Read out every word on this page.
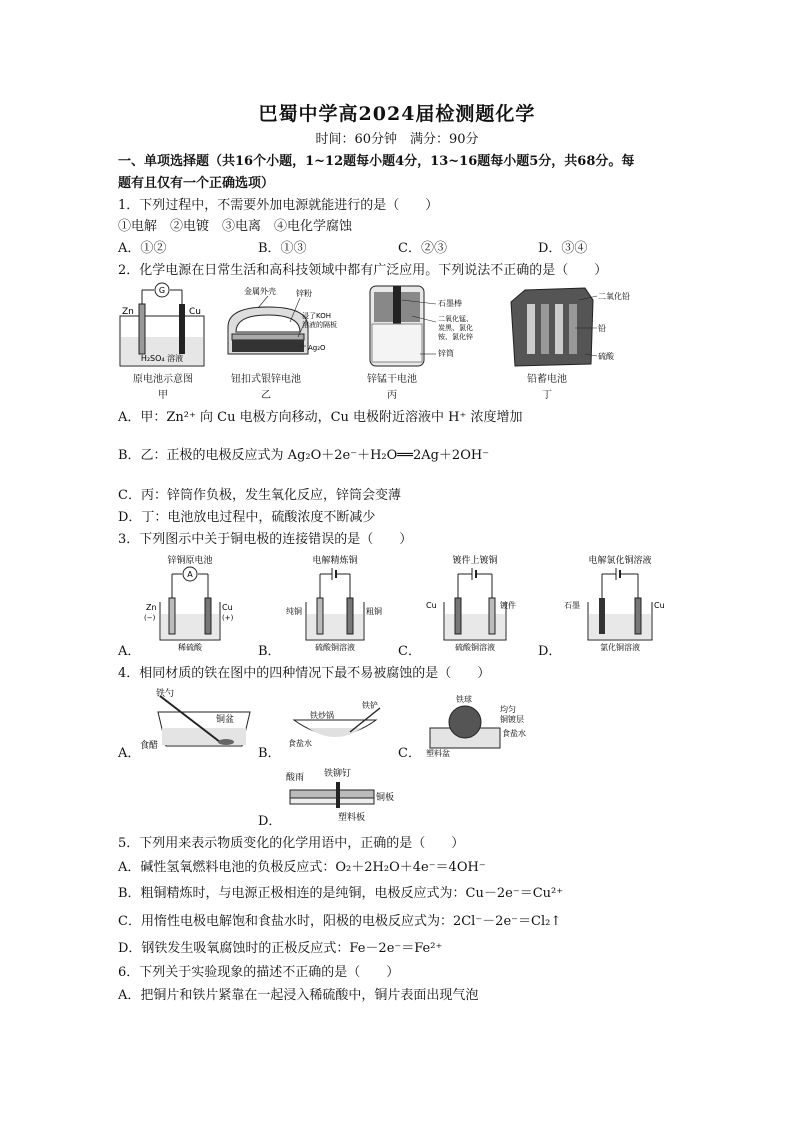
巴蜀中学高2024届检测题化学
时间：60分钟　满分：90分
一、单项选择题（共16个小题，1~12题每小题4分，13~16题每小题5分，共68分。每
题有且仅有一个正确选项）
1．下列过程中，不需要外加电源就能进行的是（　　）
①电解　②电镀　③电离　④电化学腐蚀
A．①②	B．①③	C．②③	D．③④
2．化学电源在日常生活和高科技领域中都有广泛应用。下列说法不正确的是（　　）
G
Zn	Cu
H₂SO₄ 溶液
原电池示意图
甲
金属外壳	锌粉
浸了KOH
溶液的隔板
Ag₂O
钮扣式银锌电池
乙
石墨棒
二氧化锰、
炭黑、氯化
铵、氯化锌
锌筒
锌锰干电池
丙
二氧化铅
铅
硫酸
铅蓄电池
丁
A．甲：Zn²⁺ 向 Cu 电极方向移动，Cu 电极附近溶液中 H⁺ 浓度增加
B．乙：正极的电极反应式为 Ag₂O＋2e⁻＋H₂O══2Ag＋2OH⁻
C．丙：锌筒作负极，发生氧化反应，锌筒会变薄
D．丁：电池放电过程中，硫酸浓度不断减少
3．下列图示中关于铜电极的连接错误的是（　　）
A．
锌铜原电池
A
Zn
(−)
Cu
(+)
稀硫酸	B．
电解精炼铜
纯铜	粗铜
硫酸铜溶液	C．
镀件上镀铜
Cu	镀件
硫酸铜溶液	D．
电解氯化铜溶液
石墨	Cu
氯化铜溶液
4．相同材质的铁在图中的四种情况下最不易被腐蚀的是（　　）
A．
铁勺
铜盆
食醋	B．
铁炒锅
铁铲
食盐水
C．
铁球
均匀
铜镀层
食盐水
塑料盆
D．
酸雨 铁铆钉
铜板
塑料板
5．下列用来表示物质变化的化学用语中，正确的是（　　）
A．碱性氢氧燃料电池的负极反应式：O₂＋2H₂O＋4e⁻＝4OH⁻
B．粗铜精炼时，与电源正极相连的是纯铜，电极反应式为：Cu－2e⁻＝Cu²⁺
C．用惰性电极电解饱和食盐水时，阳极的电极反应式为：2Cl⁻－2e⁻＝Cl₂↑
D．钢铁发生吸氧腐蚀时的正极反应式：Fe－2e⁻＝Fe²⁺
6．下列关于实验现象的描述不正确的是（　　）
A．把铜片和铁片紧靠在一起浸入稀硫酸中，铜片表面出现气泡
